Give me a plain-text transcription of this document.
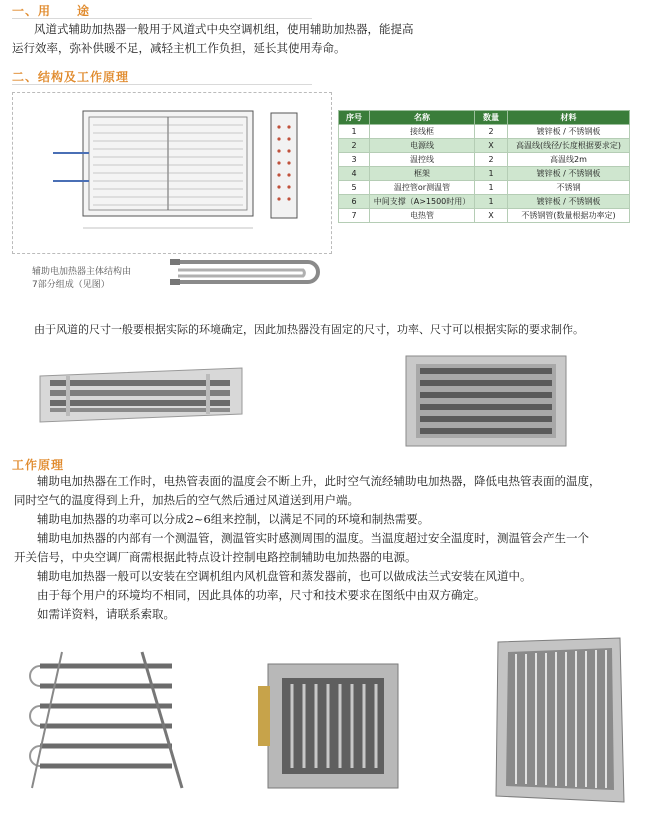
一、用　　途
风道式辅助加热器一般用于风道式中央空调机组，使用辅助加热器，能提高
运行效率，弥补供暖不足，减轻主机工作负担，延长其使用寿命。
二、结构及工作原理
辅助电加热器主体结构由
7部分组成（见图）
序号	名称	数量	材料
1	接线框	2	镀锌板 / 不锈钢板
2	电源线	X	高温线(线径/长度根据要求定)
3	温控线	2	高温线2m
4	框架	1	镀锌板 / 不锈钢板
5	温控管or测温管	1	不锈钢
6	中间支撑（A>1500时用）	1	镀锌板 / 不锈钢板
7	电热管	X	不锈钢管(数量根据功率定)
由于风道的尺寸一般要根据实际的环境确定，因此加热器没有固定的尺寸，功率、尺寸可以根据实际的要求制作。
工作原理
　　辅助电加热器在工作时，电热管表面的温度会不断上升，此时空气流经辅助电加热器，降低电热管表面的温度，
同时空气的温度得到上升，加热后的空气然后通过风道送到用户端。
　　辅助电加热器的功率可以分成2~6组来控制，以满足不同的环境和制热需要。
　　辅助电加热器的内部有一个测温管，测温管实时感测周围的温度。当温度超过安全温度时，测温管会产生一个
开关信号，中央空调厂商需根据此特点设计控制电路控制辅助电加热器的电源。
　　辅助电加热器一般可以安装在空调机组内风机盘管和蒸发器前，也可以做成法兰式安装在风道中。
　　由于每个用户的环境均不相同，因此具体的功率，尺寸和技术要求在图纸中由双方确定。
　　如需详资料，请联系索取。
